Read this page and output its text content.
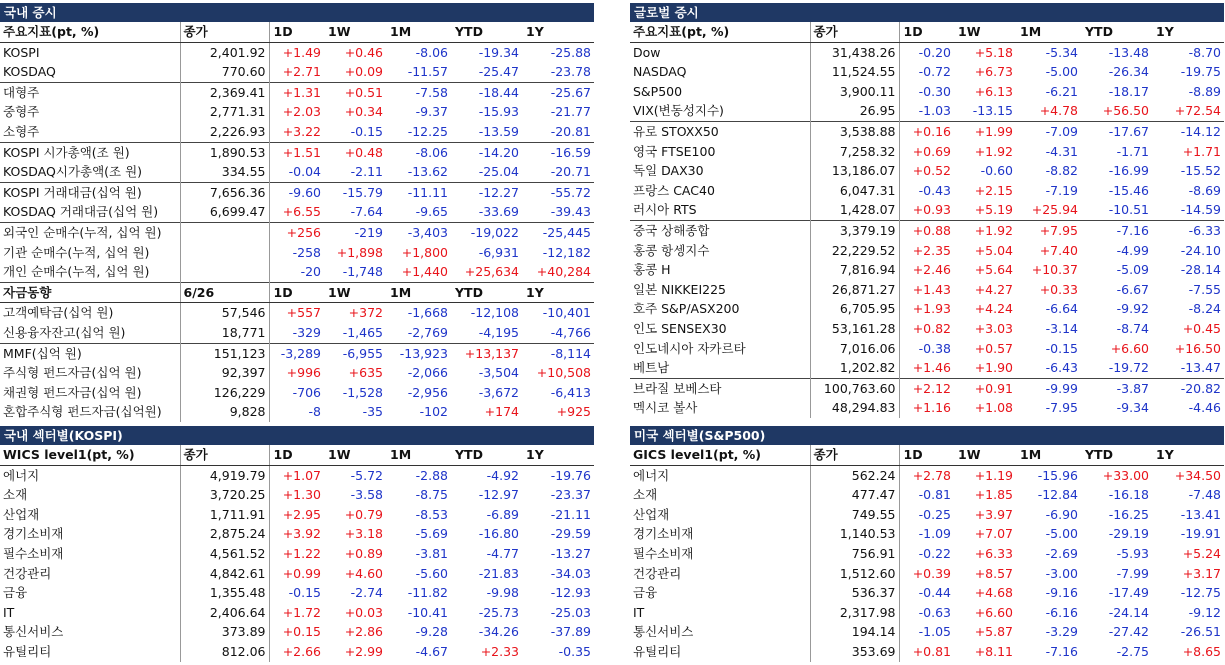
국내 증시
주요지표(pt, %)	종가	1D	1W	1M	YTD	1Y
KOSPI	2,401.92	+1.49	+0.46	-8.06	-19.34	-25.88
KOSDAQ	770.60	+2.71	+0.09	-11.57	-25.47	-23.78
대형주	2,369.41	+1.31	+0.51	-7.58	-18.44	-25.67
중형주	2,771.31	+2.03	+0.34	-9.37	-15.93	-21.77
소형주	2,226.93	+3.22	-0.15	-12.25	-13.59	-20.81
KOSPI 시가총액(조 원)	1,890.53	+1.51	+0.48	-8.06	-14.20	-16.59
KOSDAQ시가총액(조 원)	334.55	-0.04	-2.11	-13.62	-25.04	-20.71
KOSPI 거래대금(십억 원)	7,656.36	-9.60	-15.79	-11.11	-12.27	-55.72
KOSDAQ 거래대금(십억 원)	6,699.47	+6.55	-7.64	-9.65	-33.69	-39.43
외국인 순매수(누적, 십억 원)		+256	-219	-3,403	-19,022	-25,445
기관 순매수(누적, 십억 원)		-258	+1,898	+1,800	-6,931	-12,182
개인 순매수(누적, 십억 원)		-20	-1,748	+1,440	+25,634	+40,284
자금동향	6/26	1D	1W	1M	YTD	1Y
고객예탁금(십억 원)	57,546	+557	+372	-1,668	-12,108	-10,401
신용융자잔고(십억 원)	18,771	-329	-1,465	-2,769	-4,195	-4,766
MMF(십억 원)	151,123	-3,289	-6,955	-13,923	+13,137	-8,114
주식형 펀드자금(십억 원)	92,397	+996	+635	-2,066	-3,504	+10,508
채권형 펀드자금(십억 원)	126,229	-706	-1,528	-2,956	-3,672	-6,413
혼합주식형 펀드자금(십억원)	9,828	-8	-35	-102	+174	+925
글로벌 증시
주요지표(pt, %)	종가	1D	1W	1M	YTD	1Y
Dow	31,438.26	-0.20	+5.18	-5.34	-13.48	-8.70
NASDAQ	11,524.55	-0.72	+6.73	-5.00	-26.34	-19.75
S&P500	3,900.11	-0.30	+6.13	-6.21	-18.17	-8.89
VIX(변동성지수)	26.95	-1.03	-13.15	+4.78	+56.50	+72.54
유로 STOXX50	3,538.88	+0.16	+1.99	-7.09	-17.67	-14.12
영국 FTSE100	7,258.32	+0.69	+1.92	-4.31	-1.71	+1.71
독일 DAX30	13,186.07	+0.52	-0.60	-8.82	-16.99	-15.52
프랑스 CAC40	6,047.31	-0.43	+2.15	-7.19	-15.46	-8.69
러시아 RTS	1,428.07	+0.93	+5.19	+25.94	-10.51	-14.59
중국 상해종합	3,379.19	+0.88	+1.92	+7.95	-7.16	-6.33
홍콩 항셍지수	22,229.52	+2.35	+5.04	+7.40	-4.99	-24.10
홍콩 H	7,816.94	+2.46	+5.64	+10.37	-5.09	-28.14
일본 NIKKEI225	26,871.27	+1.43	+4.27	+0.33	-6.67	-7.55
호주 S&P/ASX200	6,705.95	+1.93	+4.24	-6.64	-9.92	-8.24
인도 SENSEX30	53,161.28	+0.82	+3.03	-3.14	-8.74	+0.45
인도네시아 자카르타	7,016.06	-0.38	+0.57	-0.15	+6.60	+16.50
베트남	1,202.82	+1.46	+1.90	-6.43	-19.72	-13.47
브라질 보베스타	100,763.60	+2.12	+0.91	-9.99	-3.87	-20.82
멕시코 볼사	48,294.83	+1.16	+1.08	-7.95	-9.34	-4.46
국내 섹터별(KOSPI)
WICS level1(pt, %)	종가	1D	1W	1M	YTD	1Y
에너지	4,919.79	+1.07	-5.72	-2.88	-4.92	-19.76
소재	3,720.25	+1.30	-3.58	-8.75	-12.97	-23.37
산업재	1,711.91	+2.95	+0.79	-8.53	-6.89	-21.11
경기소비재	2,875.24	+3.92	+3.18	-5.69	-16.80	-29.59
필수소비재	4,561.52	+1.22	+0.89	-3.81	-4.77	-13.27
건강관리	4,842.61	+0.99	+4.60	-5.60	-21.83	-34.03
금융	1,355.48	-0.15	-2.74	-11.82	-9.98	-12.93
IT	2,406.64	+1.72	+0.03	-10.41	-25.73	-25.03
통신서비스	373.89	+0.15	+2.86	-9.28	-34.26	-37.89
유틸리티	812.06	+2.66	+2.99	-4.67	+2.33	-0.35
미국 섹터별(S&P500)
GICS level1(pt, %)	종가	1D	1W	1M	YTD	1Y
에너지	562.24	+2.78	+1.19	-15.96	+33.00	+34.50
소재	477.47	-0.81	+1.85	-12.84	-16.18	-7.48
산업재	749.55	-0.25	+3.97	-6.90	-16.25	-13.41
경기소비재	1,140.53	-1.09	+7.07	-5.00	-29.19	-19.91
필수소비재	756.91	-0.22	+6.33	-2.69	-5.93	+5.24
건강관리	1,512.60	+0.39	+8.57	-3.00	-7.99	+3.17
금융	536.37	-0.44	+4.68	-9.16	-17.49	-12.75
IT	2,317.98	-0.63	+6.60	-6.16	-24.14	-9.12
통신서비스	194.14	-1.05	+5.87	-3.29	-27.42	-26.51
유틸리티	353.69	+0.81	+8.11	-7.16	-2.75	+8.65
